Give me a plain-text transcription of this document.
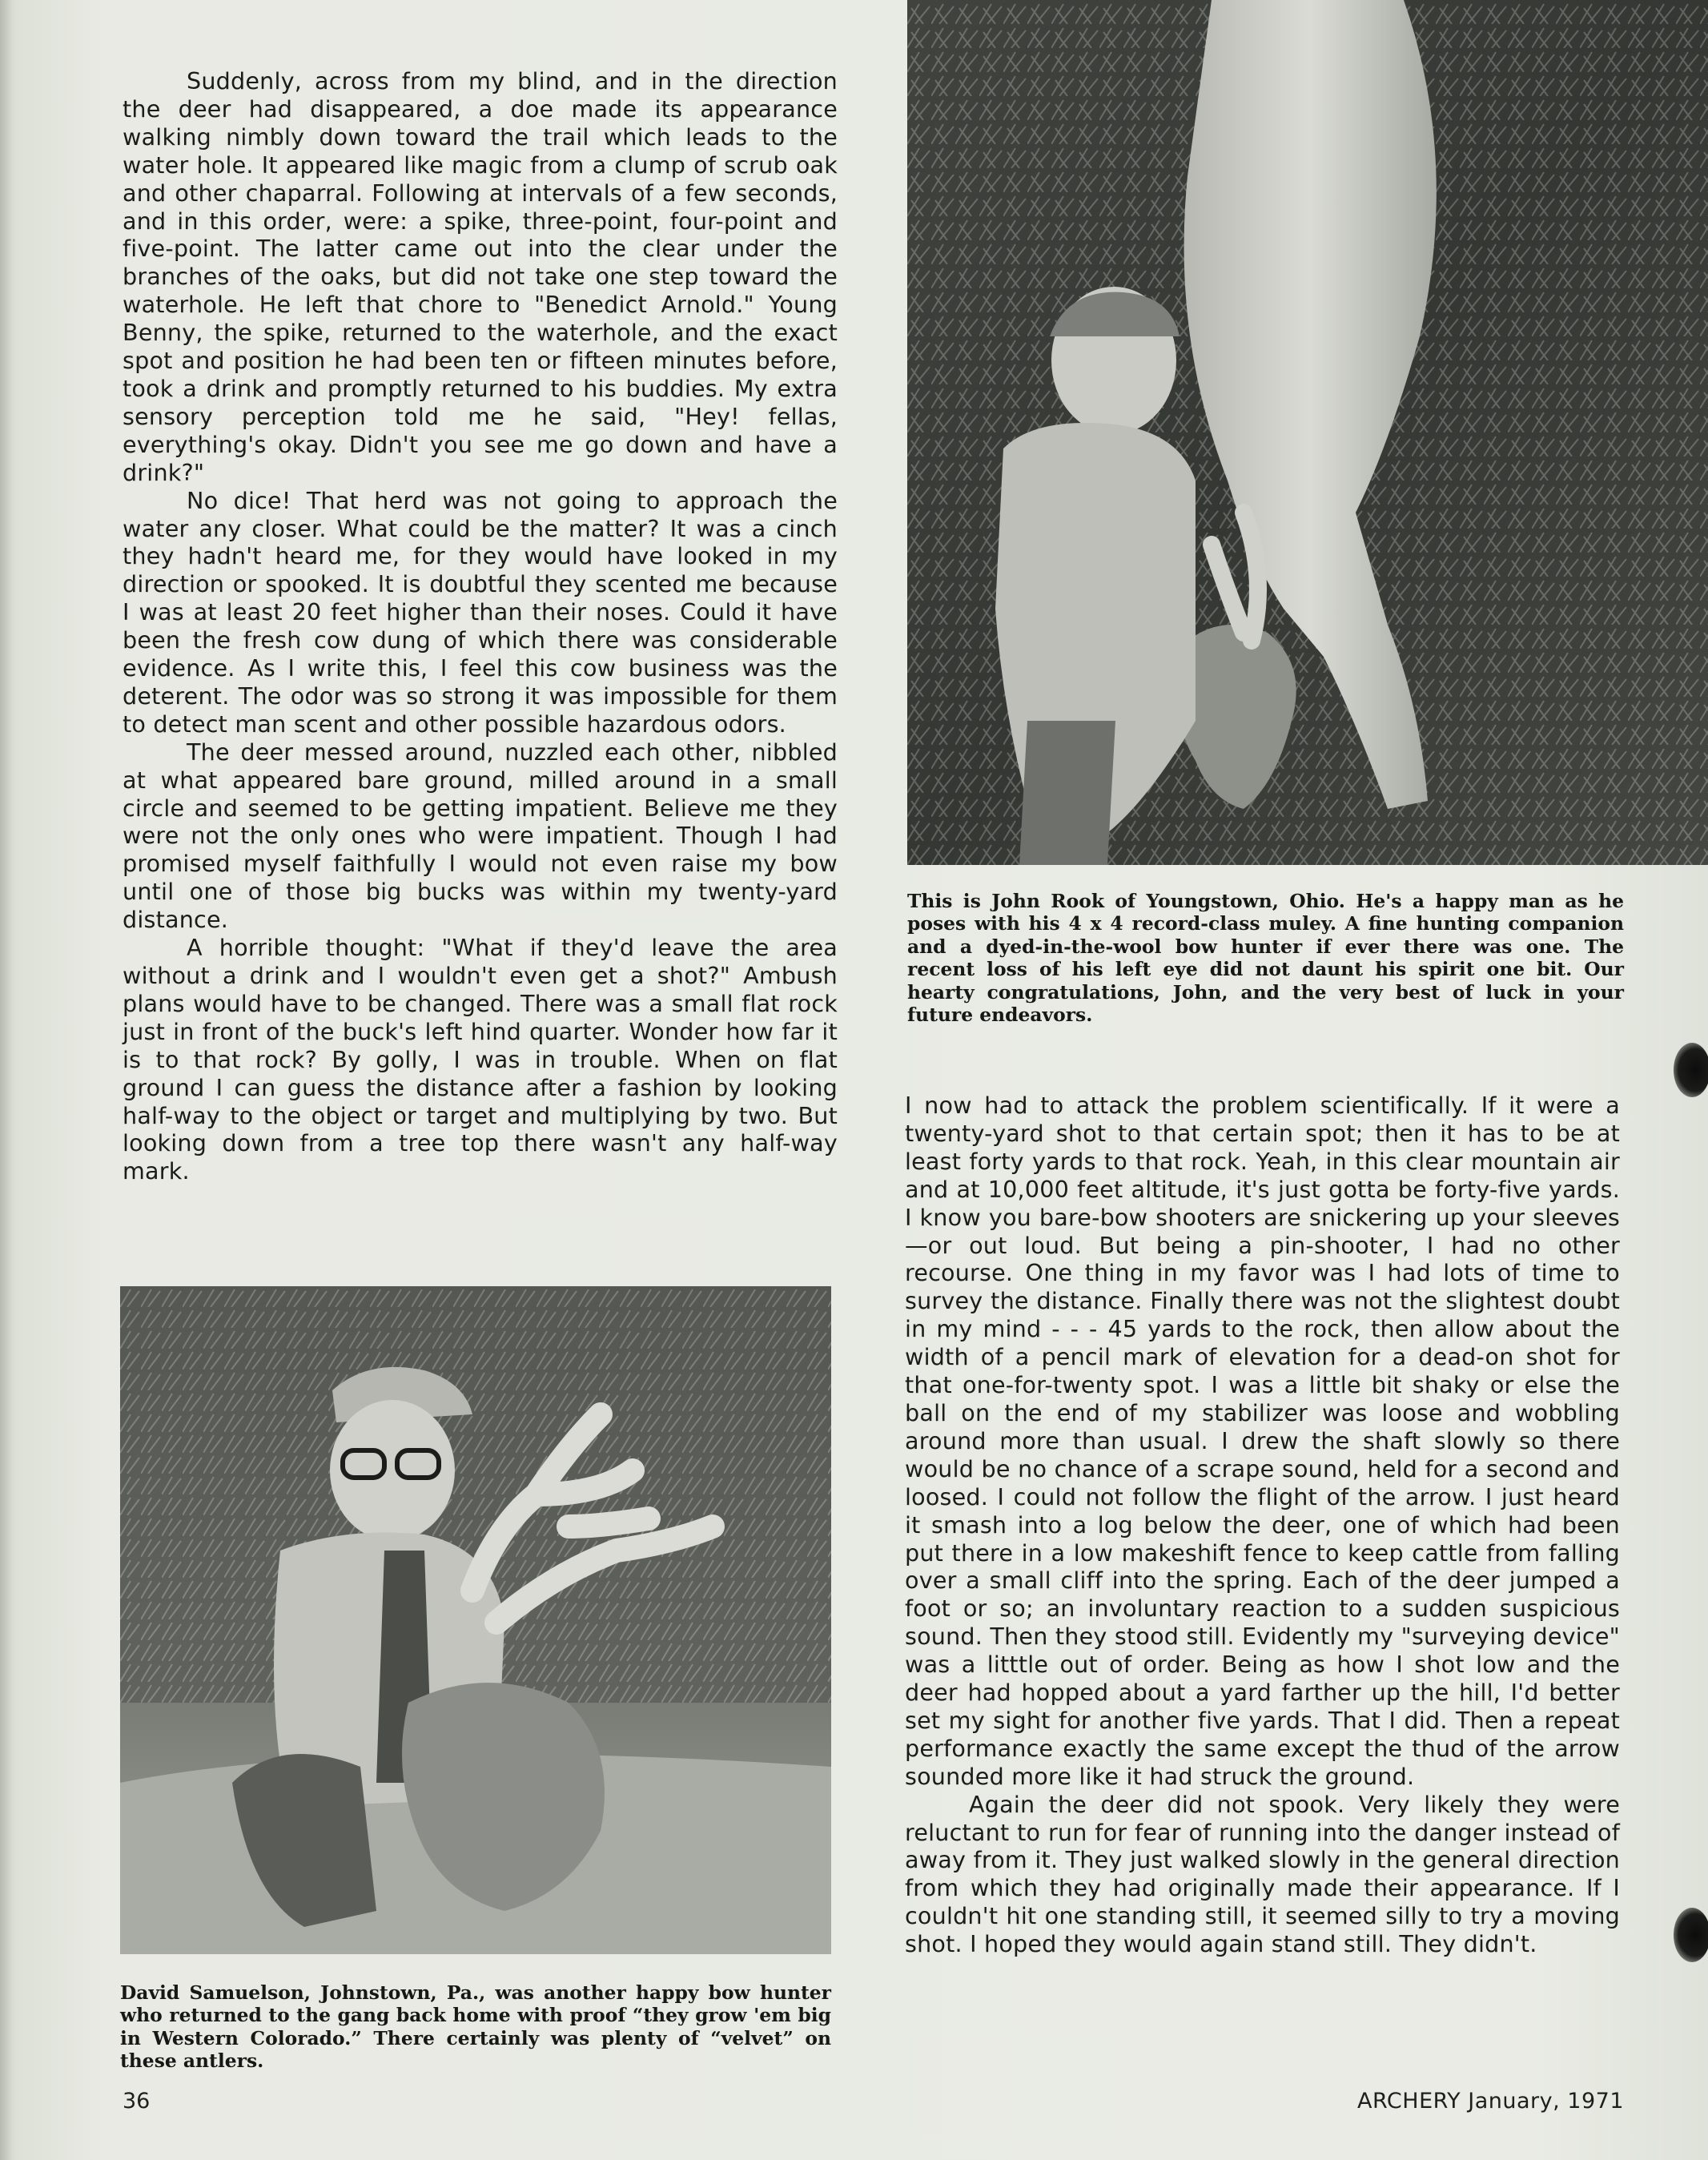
Suddenly, across from my blind, and in the direction the deer had disappeared, a doe made its appearance walking nimbly down toward the trail which leads to the water hole. It appeared like magic from a clump of scrub oak and other chaparral. Following at intervals of a few seconds, and in this order, were: a spike, three-point, four-point and five-point. The latter came out into the clear under the branches of the oaks, but did not take one step toward the waterhole. He left that chore to "Benedict Arnold." Young Benny, the spike, returned to the waterhole, and the exact spot and position he had been ten or fifteen minutes before, took a drink and promptly returned to his buddies. My extra sensory perception told me he said, "Hey! fellas, everything's okay. Didn't you see me go down and have a drink?"

No dice! That herd was not going to approach the water any closer. What could be the matter? It was a cinch they hadn't heard me, for they would have looked in my direction or spooked. It is doubtful they scented me because I was at least 20 feet higher than their noses. Could it have been the fresh cow dung of which there was considerable evidence. As I write this, I feel this cow business was the deterent. The odor was so strong it was impossible for them to detect man scent and other possible hazardous odors.

The deer messed around, nuzzled each other, nibbled at what appeared bare ground, milled around in a small circle and seemed to be getting impatient. Believe me they were not the only ones who were impatient. Though I had promised myself faithfully I would not even raise my bow until one of those big bucks was within my twenty-yard distance.

A horrible thought: "What if they'd leave the area without a drink and I wouldn't even get a shot?" Ambush plans would have to be changed. There was a small flat rock just in front of the buck's left hind quarter. Wonder how far it is to that rock? By golly, I was in trouble. When on flat ground I can guess the distance after a fashion by looking half-way to the object or target and multiplying by two. But looking down from a tree top there wasn't any half-way mark.

This is John Rook of Youngstown, Ohio. He's a happy man as he poses with his 4 x 4 record-class muley. A fine hunting companion and a dyed-in-the-wool bow hunter if ever there was one. The recent loss of his left eye did not daunt his spirit one bit. Our hearty congratulations, John, and the very best of luck in your future endeavors.

I now had to attack the problem scientifically. If it were a twenty-yard shot to that certain spot; then it has to be at least forty yards to that rock. Yeah, in this clear mountain air and at 10,000 feet altitude, it's just gotta be forty-five yards. I know you bare-bow shooters are snickering up your sleeves—or out loud. But being a pin-shooter, I had no other recourse. One thing in my favor was I had lots of time to survey the distance. Finally there was not the slightest doubt in my mind - - - 45 yards to the rock, then allow about the width of a pencil mark of elevation for a dead-on shot for that one-for-twenty spot. I was a little bit shaky or else the ball on the end of my stabilizer was loose and wobbling around more than usual. I drew the shaft slowly so there would be no chance of a scrape sound, held for a second and loosed. I could not follow the flight of the arrow. I just heard it smash into a log below the deer, one of which had been put there in a low makeshift fence to keep cattle from falling over a small cliff into the spring. Each of the deer jumped a foot or so; an involuntary reaction to a sudden suspicious sound. Then they stood still. Evidently my "surveying device" was a litttle out of order. Being as how I shot low and the deer had hopped about a yard farther up the hill, I'd better set my sight for another five yards. That I did. Then a repeat performance exactly the same except the thud of the arrow sounded more like it had struck the ground.

Again the deer did not spook. Very likely they were reluctant to run for fear of running into the danger instead of away from it. They just walked slowly in the general direction from which they had originally made their appearance. If I couldn't hit one standing still, it seemed silly to try a moving shot. I hoped they would again stand still. They didn't.

David Samuelson, Johnstown, Pa., was another happy bow hunter who returned to the gang back home with proof “they grow 'em big in Western Colorado.” There certainly was plenty of “velvet” on these antlers.
36	ARCHERY January, 1971
